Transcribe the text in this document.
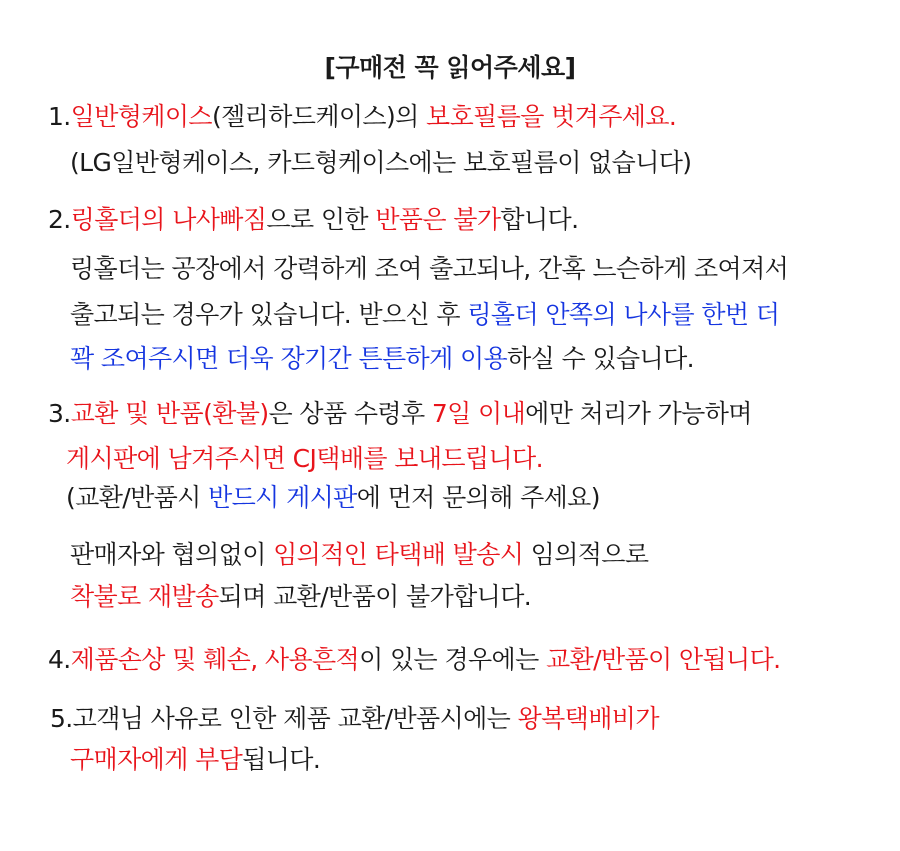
[구매전 꼭 읽어주세요]
1.일반형케이스(젤리하드케이스)의 보호필름을 벗겨주세요.
(LG일반형케이스, 카드형케이스에는 보호필름이 없습니다)
2.링홀더의 나사빠짐으로 인한 반품은 불가합니다.
링홀더는 공장에서 강력하게 조여 출고되나, 간혹 느슨하게 조여져서
출고되는 경우가 있습니다. 받으신 후 링홀더 안쪽의 나사를 한번 더
꽉 조여주시면 더욱 장기간 튼튼하게 이용하실 수 있습니다.
3.교환 및 반품(환불)은 상품 수령후 7일 이내에만 처리가 가능하며
게시판에 남겨주시면 CJ택배를 보내드립니다.
(교환/반품시 반드시 게시판에 먼저 문의해 주세요)
판매자와 협의없이 임의적인 타택배 발송시 임의적으로
착불로 재발송되며 교환/반품이 불가합니다.
4.제품손상 및 훼손, 사용흔적이 있는 경우에는 교환/반품이 안됩니다.
5.고객님 사유로 인한 제품 교환/반품시에는 왕복택배비가
구매자에게 부담됩니다.
